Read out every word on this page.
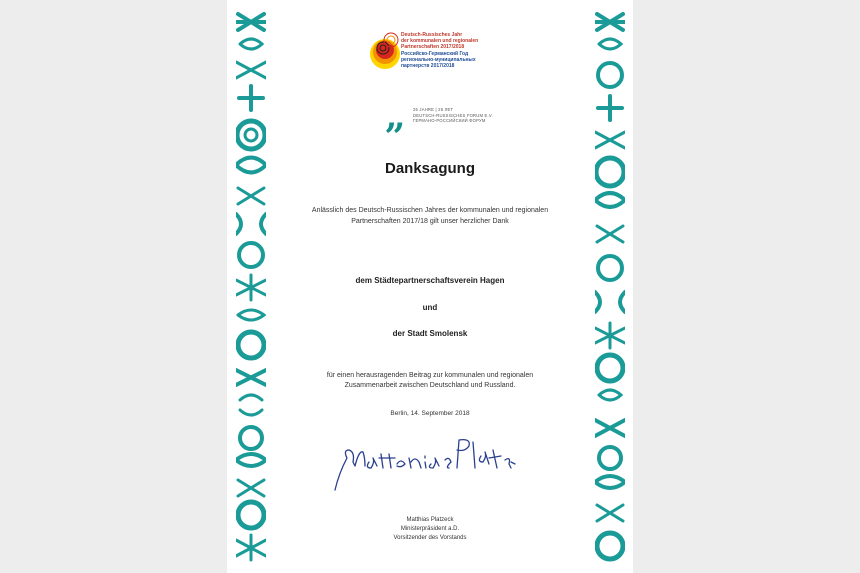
Deutsch-Russisches Jahr
der kommunalen und regionalen
Partnerschaften 2017/2018
Российско-Германский Год
регионально-муниципальных
партнерств 2017/2018
„ 25 JAHRE | 25 ЛЕТ
DEUTSCH-RUSSISCHES FORUM E.V.
ГЕРМАНО-РОССИЙСКИЙ ФОРУМ
Danksagung
Anlässlich des Deutsch-Russischen Jahres der kommunalen und regionalen
Partnerschaften 2017/18 gilt unser herzlicher Dank
dem Städtepartnerschaftsverein Hagen
und
der Stadt Smolensk
für einen herausragenden Beitrag zur kommunalen und regionalen
Zusammenarbeit zwischen Deutschland und Russland.
Berlin, 14. September 2018
Matthias Platzeck
Ministerpräsident a.D.
Vorsitzender des Vorstands
